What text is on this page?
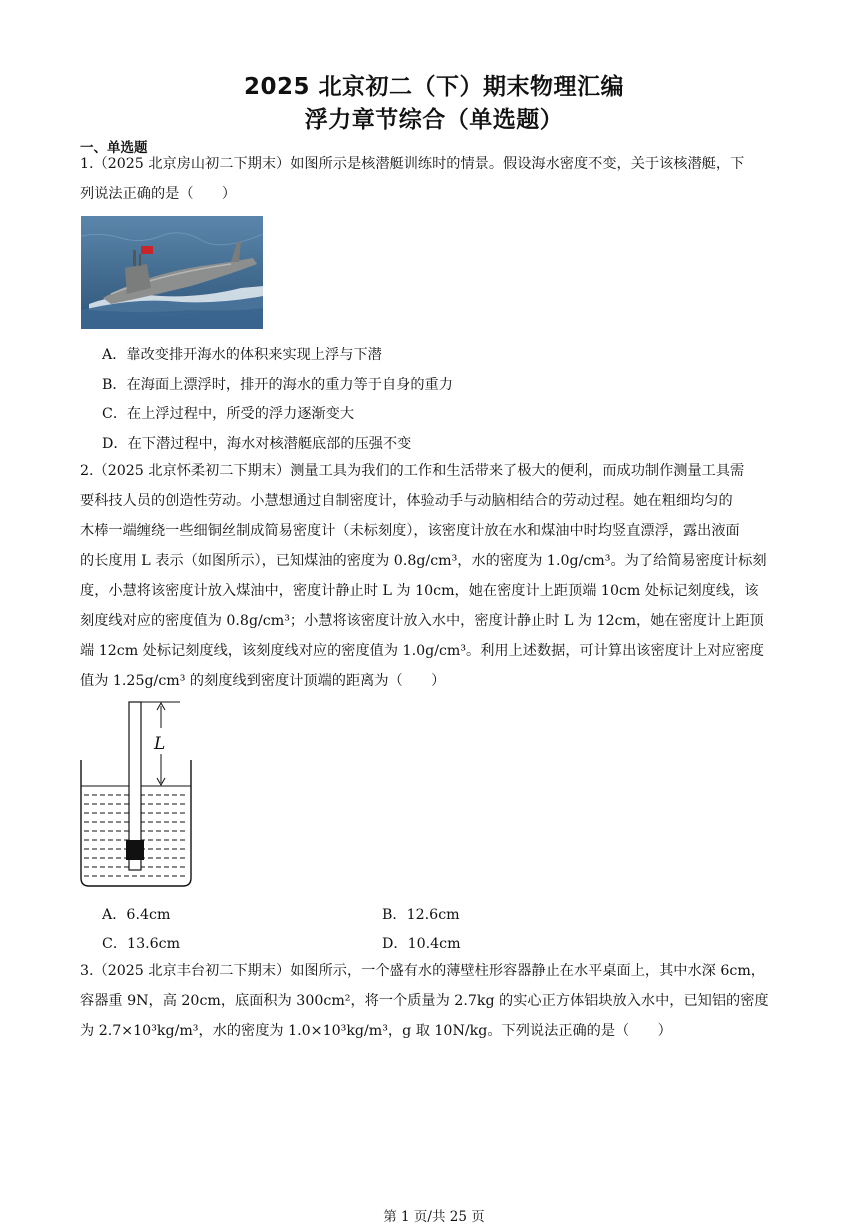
2025 北京初二（下）期末物理汇编
浮力章节综合（单选题）
一、单选题
1.（2025 北京房山初二下期末）如图所示是核潜艇训练时的情景。假设海水密度不变，关于该核潜艇，下
列说法正确的是（　　）
A．靠改变排开海水的体积来实现上浮与下潜
B．在海面上漂浮时，排开的海水的重力等于自身的重力
C．在上浮过程中，所受的浮力逐渐变大
D．在下潜过程中，海水对核潜艇底部的压强不变
2.（2025 北京怀柔初二下期末）测量工具为我们的工作和生活带来了极大的便利，而成功制作测量工具需
要科技人员的创造性劳动。小慧想通过自制密度计，体验动手与动脑相结合的劳动过程。她在粗细均匀的
木棒一端缠绕一些细铜丝制成简易密度计（未标刻度），该密度计放在水和煤油中时均竖直漂浮，露出液面
的长度用 L 表示（如图所示），已知煤油的密度为 0.8g/cm³，水的密度为 1.0g/cm³。为了给简易密度计标刻
度，小慧将该密度计放入煤油中，密度计静止时 L 为 10cm，她在密度计上距顶端 10cm 处标记刻度线，该
刻度线对应的密度值为 0.8g/cm³；小慧将该密度计放入水中，密度计静止时 L 为 12cm，她在密度计上距顶
端 12cm 处标记刻度线，该刻度线对应的密度值为 1.0g/cm³。利用上述数据，可计算出该密度计上对应密度
值为 1.25g/cm³ 的刻度线到密度计顶端的距离为（　　）
L
A．6.4cm	B．12.6cm
C．13.6cm	D．10.4cm
3.（2025 北京丰台初二下期末）如图所示，一个盛有水的薄壁柱形容器静止在水平桌面上，其中水深 6cm，
容器重 9N，高 20cm，底面积为 300cm²，将一个质量为 2.7kg 的实心正方体铝块放入水中，已知铝的密度
为 2.7×10³kg/m³，水的密度为 1.0×10³kg/m³，g 取 10N/kg。下列说法正确的是（　　）
第 1 页/共 25 页
